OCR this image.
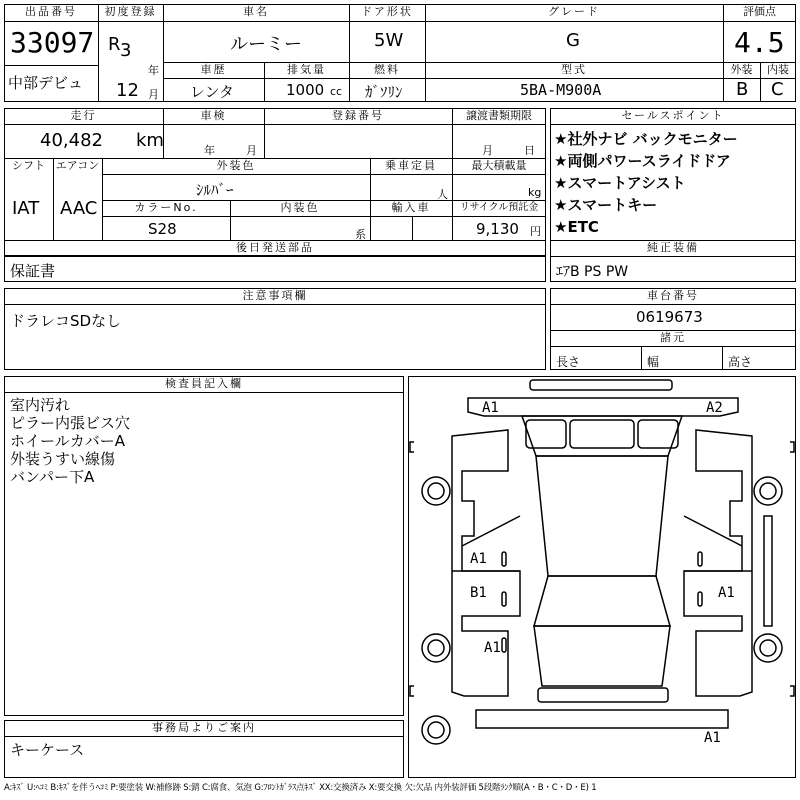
出品番号
33097
中部デビュ
初度登録
R 3
年
12 月
車名
ルーミー
ドア形状
5W
グレード
G
車歴
レンタ
排気量
1000 cc
燃料
ｶﾞｿﾘﾝ
型式
5BA-M900A
評価点
4.5
外装	内装
B C
走行
40,482 km
車検
年	月
登録番号	譲渡書類期限
月	日
シフト
IAT
エアコン
AAC
外装色
ｼﾙﾊﾞｰ
乗車定員
人
最大積載量
kg
カラーNo.
S28
内装色
系
輸入車	リサイクル預託金
9,130 円
後日発送部品
保証書
セールスポイント
★社外ナビ バックモニター
★両側パワースライドドア
★スマートアシスト
★スマートキー
★ETC
純正装備
ｴｱB PS PW
注意事項欄
ドラレコSDなし
車台番号
0619673
諸元
長さ	幅	高さ
検査員記入欄
室内汚れ
ピラー内張ビス穴
ホイールカバーA
外装うすい線傷
バンパー下A
事務局よりご案内
キーケース
A1	A2
A1
B1	A1
A1
A1
A:ｷｽﾞ U:ﾍｺﾐ B:ｷｽﾞを伴うﾍｺﾐ P:要塗装 W:補修跡 S:錆 C:腐食、気泡 G:ﾌﾛﾝﾄｶﾞﾗｽ点ｷｽﾞ XX:交換済み X:要交換 欠:欠品 内外装評価 5段階ﾗﾝｸ順(A・B・C・D・E) 1
